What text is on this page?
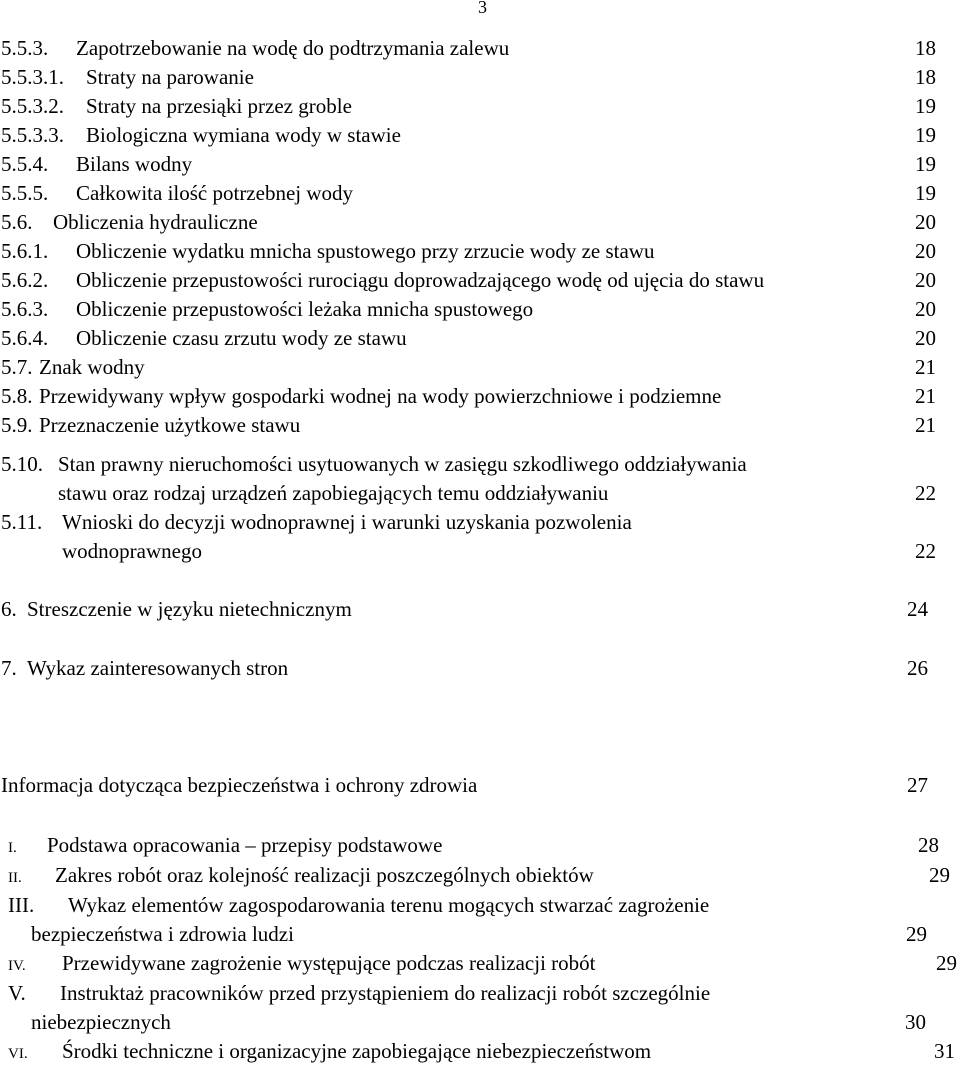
3
5.5.3. Zapotrzebowanie na wodę do podtrzymania zalewu	18
5.5.3.1. Straty na parowanie	18
5.5.3.2. Straty na przesiąki przez groble	19
5.5.3.3. Biologiczna wymiana wody w stawie	19
5.5.4. Bilans wodny	19
5.5.5. Całkowita ilość potrzebnej wody	19
5.6. Obliczenia hydrauliczne	20
5.6.1. Obliczenie wydatku mnicha spustowego przy zrzucie wody ze stawu	20
5.6.2. Obliczenie przepustowości rurociągu doprowadzającego wodę od ujęcia do stawu	20
5.6.3. Obliczenie przepustowości leżaka mnicha spustowego	20
5.6.4. Obliczenie czasu zrzutu wody ze stawu	20
5.7. Znak wodny	21
5.8. Przewidywany wpływ gospodarki wodnej na wody powierzchniowe i podziemne	21
5.9. Przeznaczenie użytkowe stawu	21
5.10. Stan prawny nieruchomości usytuowanych w zasięgu szkodliwego oddziaływania
stawu oraz rodzaj urządzeń zapobiegających temu oddziaływaniu	22
5.11. Wnioski do decyzji wodnoprawnej i warunki uzyskania pozwolenia
wodnoprawnego	22
6. Streszczenie w języku nietechnicznym	24
7. Wykaz zainteresowanych stron	26
Informacja dotycząca bezpieczeństwa i ochrony zdrowia	27
I. Podstawa opracowania – przepisy podstawowe	28
II. Zakres robót oraz kolejność realizacji poszczególnych obiektów	29
III. Wykaz elementów zagospodarowania terenu mogących stwarzać zagrożenie
bezpieczeństwa i zdrowia ludzi	29
IV. Przewidywane zagrożenie występujące podczas realizacji robót	29
V. Instruktaż pracowników przed przystąpieniem do realizacji robót szczególnie
niebezpiecznych	30
VI. Środki techniczne i organizacyjne zapobiegające niebezpieczeństwom	31
